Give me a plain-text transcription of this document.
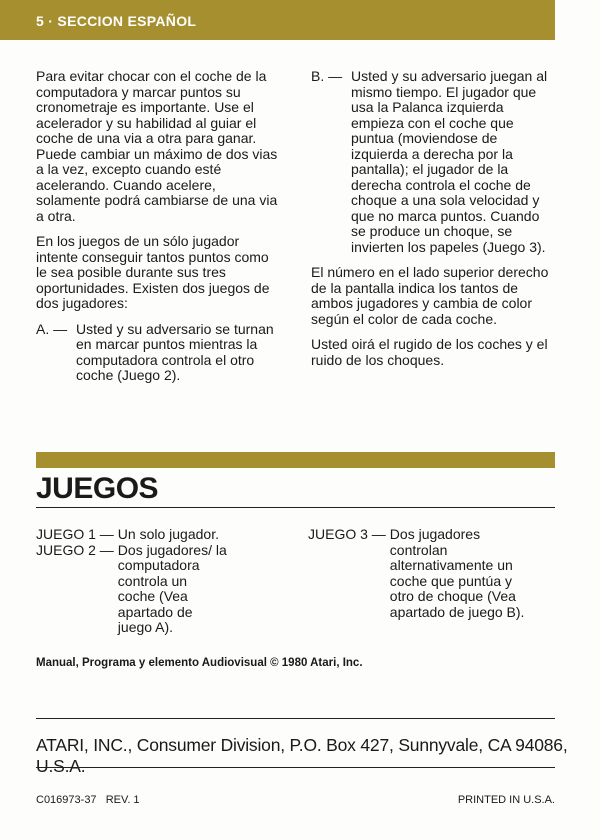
5 · SECCION ESPAÑOL

Para evitar chocar con el coche de la computadora y marcar puntos su cronometraje es importante. Use el acelerador y su habilidad al guiar el coche de una via a otra para ganar. Puede cambiar un máximo de dos vias a la vez, excepto cuando esté acelerando. Cuando acelere, solamente podrá cambiarse de una via a otra.

En los juegos de un sólo jugador intente conseguir tantos puntos como le sea posible durante sus tres oportunidades. Existen dos juegos de dos jugadores:

A. — Usted y su adversario se turnan en marcar puntos mientras la computadora controla el otro coche (Juego 2).
B. — Usted y su adversario juegan al mismo tiempo. El jugador que usa la Palanca izquierda empieza con el coche que puntua (moviendose de izquierda a derecha por la pantalla); el jugador de la derecha controla el coche de choque a una sola velocidad y que no marca puntos. Cuando se produce un choque, se invierten los papeles (Juego 3).

El número en el lado superior derecho de la pantalla indica los tantos de ambos jugadores y cambia de color según el color de cada coche.

Usted oirá el rugido de los coches y el ruido de los choques.

JUEGOS
JUEGO 1 — Un solo jugador.
JUEGO 2 — Dos jugadores/ la computadora controla un coche (Vea apartado de juego A).
JUEGO 3 — Dos jugadores controlan alternativamente un coche que puntúa y otro de choque (Vea apartado de juego B).
Manual, Programa y elemento Audiovisual © 1980 Atari, Inc.
ATARI, INC., Consumer Division, P.O. Box 427, Sunnyvale, CA 94086, U.S.A.
C016973-37   REV. 1	PRINTED IN U.S.A.
